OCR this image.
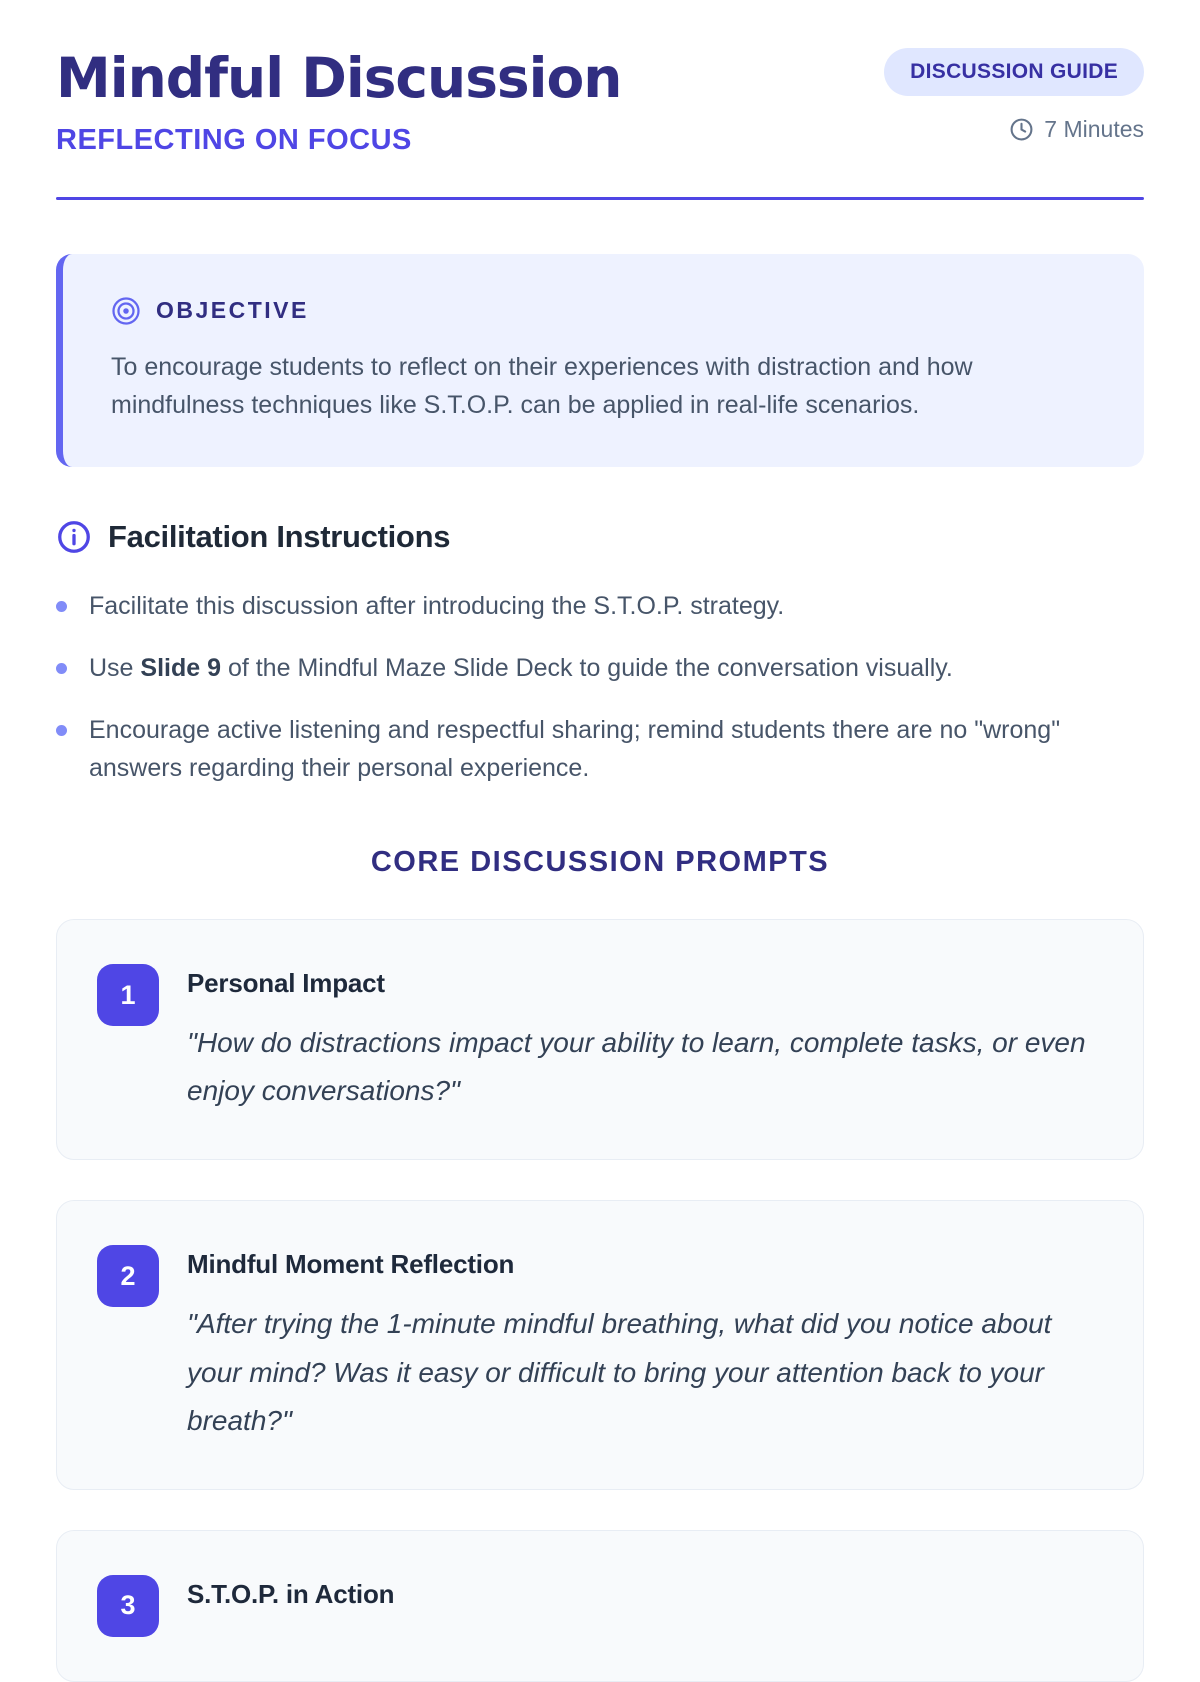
Mindful Discussion
REFLECTING ON FOCUS
DISCUSSION GUIDE
7 Minutes
OBJECTIVE

To encourage students to reflect on their experiences with distraction and how mindfulness techniques like S.T.O.P. can be applied in real-life scenarios.

Facilitation Instructions

Facilitate this discussion after introducing the S.T.O.P. strategy.

Use Slide 9 of the Mindful Maze Slide Deck to guide the conversation visually.

Encourage active listening and respectful sharing; remind students there are no "wrong" answers regarding their personal experience.

CORE DISCUSSION PROMPTS
1	Personal Impact

"How do distractions impact your ability to learn, complete tasks, or even enjoy conversations?"

2	Mindful Moment Reflection

"After trying the 1-minute mindful breathing, what did you notice about your mind? Was it easy or difficult to bring your attention back to your breath?"

3	S.T.O.P. in Action
